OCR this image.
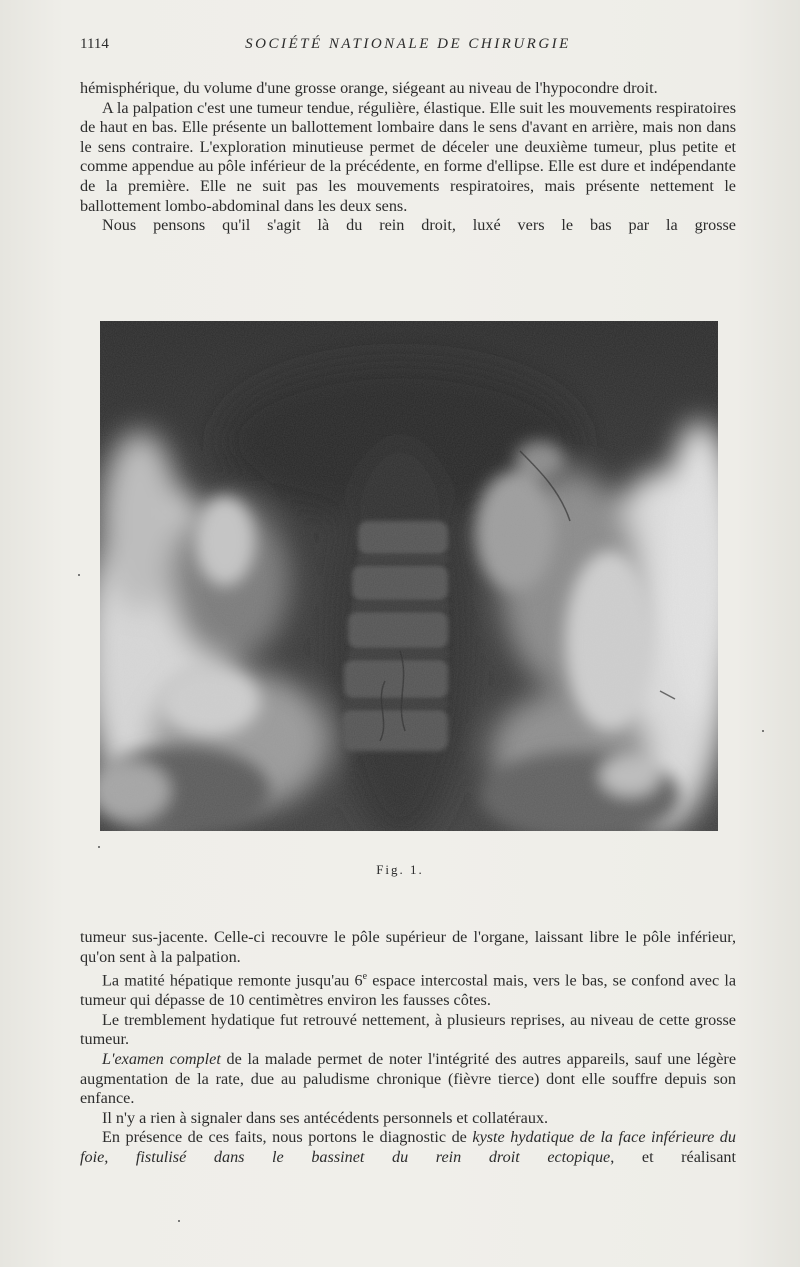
1114	SOCIÉTÉ NATIONALE DE CHIRURGIE

hémisphérique, du volume d'une grosse orange, siégeant au niveau de l'hypocondre droit.

A la palpation c'est une tumeur tendue, régulière, élastique. Elle suit les mouvements respiratoires de haut en bas. Elle présente un ballottement lombaire dans le sens d'avant en arrière, mais non dans le sens contraire. L'exploration minutieuse permet de déceler une deuxième tumeur, plus petite et comme appendue au pôle inférieur de la précédente, en forme d'ellipse. Elle est dure et indépendante de la première. Elle ne suit pas les mouvements respiratoires, mais présente nettement le ballottement lombo-abdominal dans les deux sens.

Nous pensons qu'il s'agit là du rein droit, luxé vers le bas par la grosse

Fig. 1.

tumeur sus-jacente. Celle-ci recouvre le pôle supérieur de l'organe, laissant libre le pôle inférieur, qu'on sent à la palpation.

La matité hépatique remonte jusqu'au 6e espace intercostal mais, vers le bas, se confond avec la tumeur qui dépasse de 10 centimètres environ les fausses côtes.

Le tremblement hydatique fut retrouvé nettement, à plusieurs reprises, au niveau de cette grosse tumeur.

L'examen complet de la malade permet de noter l'intégrité des autres appareils, sauf une légère augmentation de la rate, due au paludisme chronique (fièvre tierce) dont elle souffre depuis son enfance.

Il n'y a rien à signaler dans ses antécédents personnels et collatéraux.

En présence de ces faits, nous portons le diagnostic de kyste hydatique de la face inférieure du foie, fistulisé dans le bassinet du rein droit ectopique, et réalisant
